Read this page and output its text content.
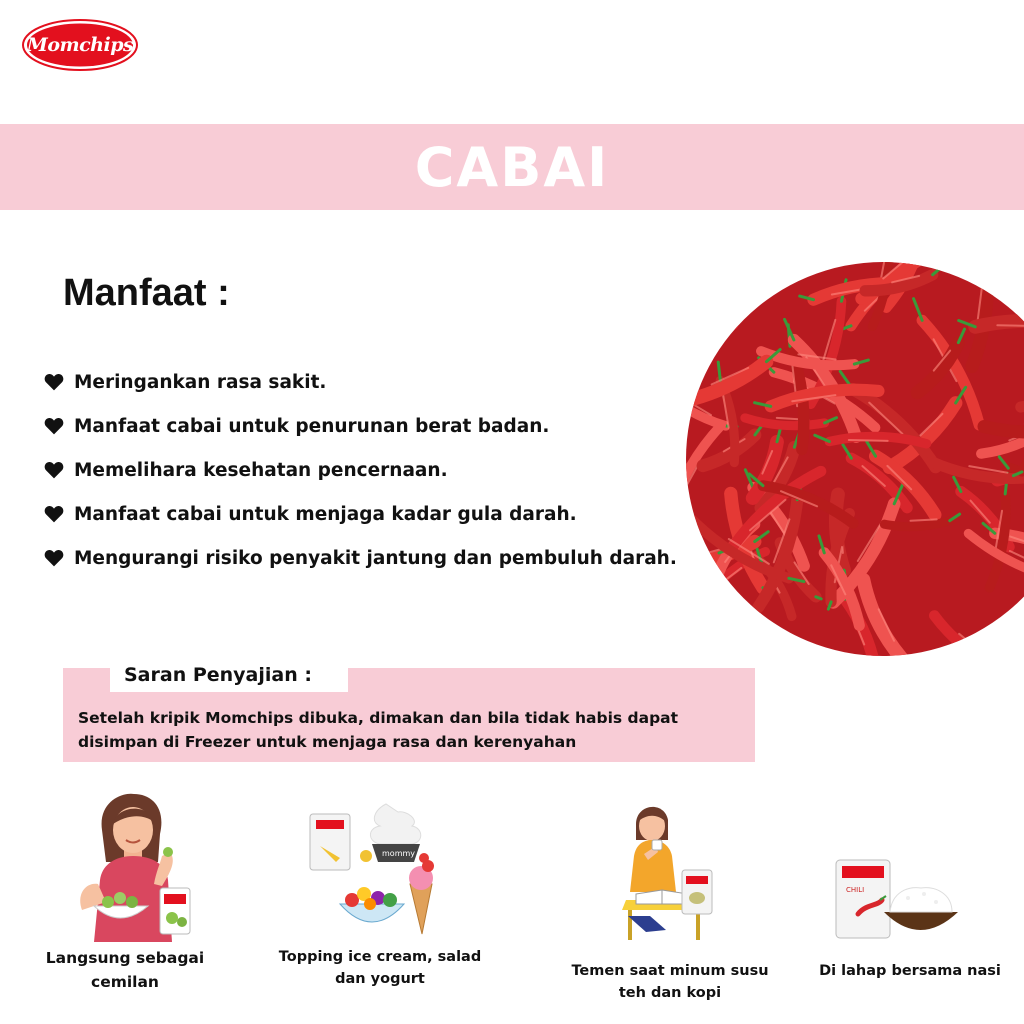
Momchips
CABAI
Manfaat :
Meringankan rasa sakit.
Manfaat cabai untuk penurunan berat badan.
Memelihara kesehatan pencernaan.
Manfaat cabai untuk menjaga kadar gula darah.
Mengurangi risiko penyakit jantung dan pembuluh darah.
Saran Penyajian :
Setelah kripik Momchips dibuka, dimakan dan bila tidak habis dapat disimpan di Freezer untuk menjaga rasa dan kerenyahan
mommy
CHILI
Langsung sebagai
cemilan
Topping ice cream, salad
dan yogurt	Temen saat minum susu
teh dan kopi
Di lahap bersama nasi
